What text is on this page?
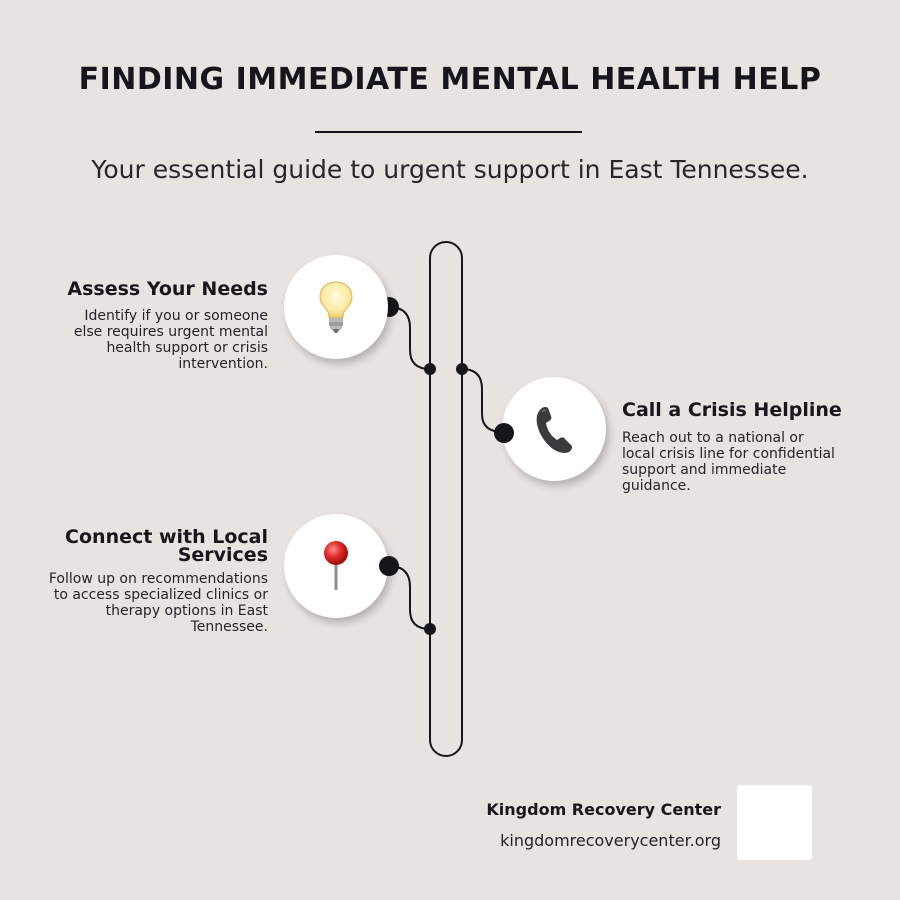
FINDING IMMEDIATE MENTAL HEALTH HELP
Your essential guide to urgent support in East Tennessee.
Assess Your Needs
Identify if you or someone else requires urgent mental health support or crisis intervention.
Call a Crisis Helpline
Reach out to a national or local crisis line for confidential support and immediate guidance.
Connect with Local Services
Follow up on recommendations to access specialized clinics or therapy options in East Tennessee.
Kingdom Recovery Center
kingdomrecoverycenter.org
